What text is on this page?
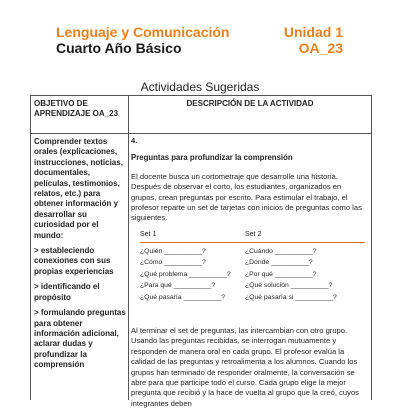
Lenguaje y Comunicación
Cuarto Año Básico
Unidad 1
OA_23
Actividades Sugeridas
OBJETIVO DE APRENDIZAJE OA_23
DESCRIPCIÓN DE LA ACTIVIDAD

Comprender textos orales (explicaciones, instrucciones, noticias, documentales, películas, testimonios, relatos, etc.) para obtener información y desarrollar su curiosidad por el mundo:

> estableciendo conexiones con sus propias experiencias

> identificando el propósito

> formulando preguntas para obtener información adicional, aclarar dudas y profundizar la comprensión

4.
Preguntas para profundizar la comprensión
El docente busca un cortometraje que desarrolle una historia. Después de observar el corto, los estudiantes, organizados en grupos, crean preguntas por escrito. Para estimular el trabajo, el profesor reparte un set de tarjetas con inicios de preguntas como las siguientes.
Set 1	Set 2
¿Quién __________?
¿Cómo __________?
¿Qué problema __________?
¿Para qué __________?
¿Qué pasaría __________?
¿Cuándo __________?
¿Dónde __________?
¿Por qué __________?
¿Qué solución __________?
¿Qué pasaría si __________?
Al terminar el set de preguntas, las intercambian con otro grupo. Usando las preguntas recibidas, se interrogan mutuamente y responden de manera oral en cada grupo. El profesor evalúa la calidad de las preguntas y retroalimenta a los alumnos. Cuando los grupos han terminado de responder oralmente, la conversación se abre para que participe todo el curso. Cada grupo elige la mejor pregunta que recibió y la hace de vuelta al grupo que la creó, cuyos integrantes deben
